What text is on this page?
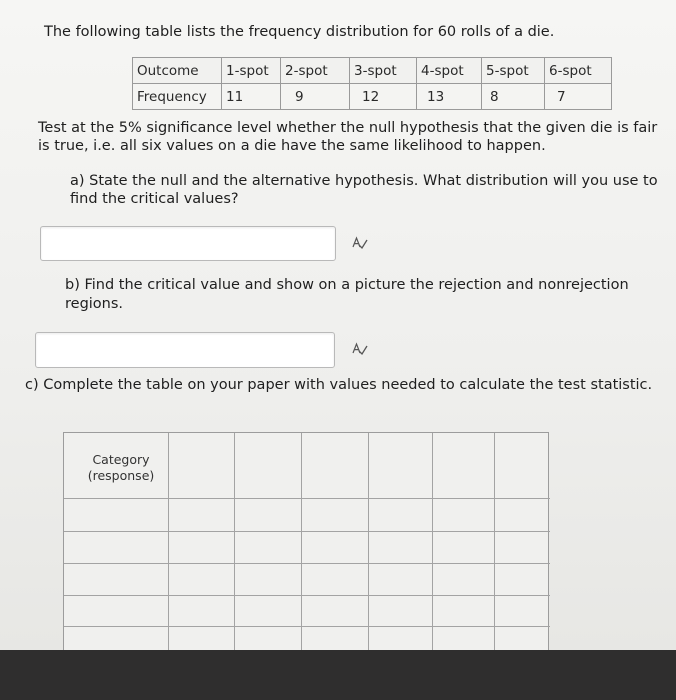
The following table lists the frequency distribution for 60 rolls of a die.
Outcome	1-spot	2-spot	3-spot	4-spot	5-spot	6-spot
Frequency	11	9	12	13	8	7
Test at the 5% significance level whether the null hypothesis that the given die is fair
is true, i.e. all six values on a die have the same likelihood to happen.
a) State the null and the alternative hypothesis. What distribution will you use to find the critical values?
b) Find the critical value and show on a picture the rejection and nonrejection regions.
c) Complete the table on your paper with values needed to calculate the test statistic.
Category
(response)
